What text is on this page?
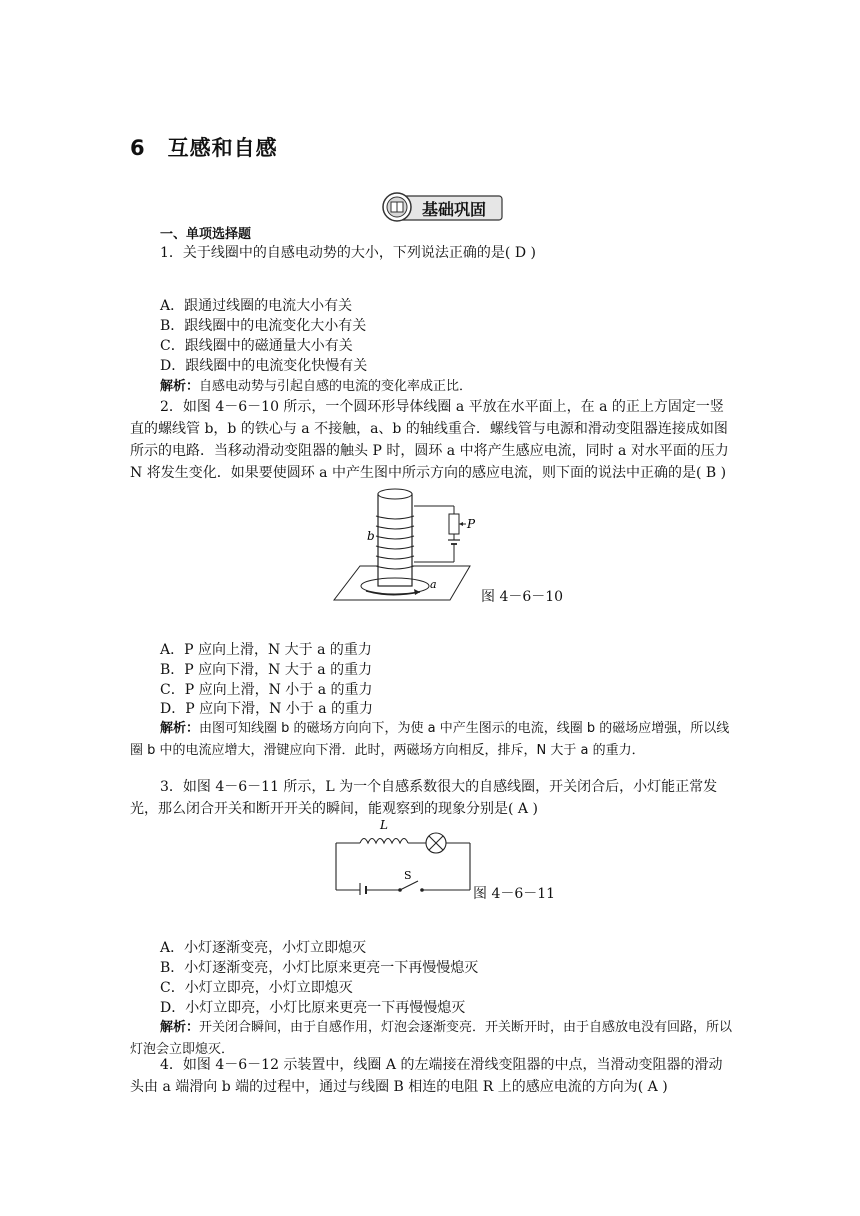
6　互感和自感
基础巩固
一、单项选择题

1．关于线圈中的自感电动势的大小，下列说法正确的是( D )

A．跟通过线圈的电流大小有关

B．跟线圈中的电流变化大小有关

C．跟线圈中的磁通量大小有关

D．跟线圈中的电流变化快慢有关

解析：自感电动势与引起自感的电流的变化率成正比．

2．如图 4－6－10 所示，一个圆环形导体线圈 a 平放在水平面上，在 a 的正上方固定一竖直的螺线管 b，b 的铁心与 a 不接触，a、b 的轴线重合．螺线管与电源和滑动变阻器连接成如图所示的电路．当移动滑动变阻器的触头 P 时，圆环 a 中将产生感应电流，同时 a 对水平面的压力 N 将发生变化．如果要使圆环 a 中产生图中所示方向的感应电流，则下面的说法中正确的是( B )

b
P
a
图 4－6－10

A．P 应向上滑，N 大于 a 的重力

B．P 应向下滑，N 大于 a 的重力

C．P 应向上滑，N 小于 a 的重力

D．P 应向下滑，N 小于 a 的重力

解析：由图可知线圈 b 的磁场方向向下，为使 a 中产生图示的电流，线圈 b 的磁场应增强，所以线圈 b 中的电流应增大，滑键应向下滑．此时，两磁场方向相反，排斥，N 大于 a 的重力．

3．如图 4－6－11 所示，L 为一个自感系数很大的自感线圈，开关闭合后，小灯能正常发光，那么闭合开关和断开开关的瞬间，能观察到的现象分别是( A )

L
S
图 4－6－11

A．小灯逐渐变亮，小灯立即熄灭

B．小灯逐渐变亮，小灯比原来更亮一下再慢慢熄灭

C．小灯立即亮，小灯立即熄灭

D．小灯立即亮，小灯比原来更亮一下再慢慢熄灭

解析：开关闭合瞬间，由于自感作用，灯泡会逐渐变亮．开关断开时，由于自感放电没有回路，所以灯泡会立即熄灭．

4．如图 4－6－12 示装置中，线圈 A 的左端接在滑线变阻器的中点，当滑动变阻器的滑动头由 a 端滑向 b 端的过程中，通过与线圈 B 相连的电阻 R 上的感应电流的方向为( A )
